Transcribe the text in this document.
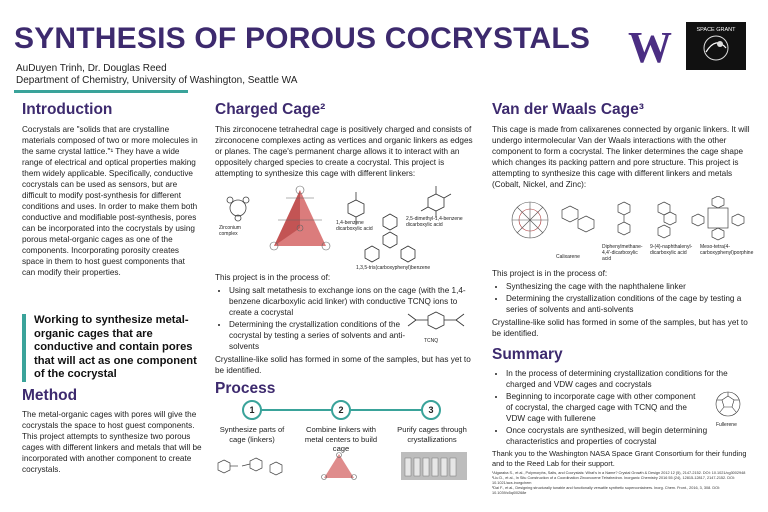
SYNTHESIS OF POROUS COCRYSTALS
AuDuyen Trinh, Dr. Douglas Reed
Department of Chemistry, University of Washington, Seattle WA
W	SPACE GRANT
Introduction

Cocrystals are "solids that are crystalline materials composed of two or more molecules in the same crystal lattice."¹ They have a wide range of electrical and optical properties making them widely applicable. Specifically, conductive cocrystals can be used as sensors, but are difficult to modify post-synthesis for different conditions and uses. In order to make them both conductive and modifiable post-synthesis, pores can be incorporated into the cocrystals by using porous metal-organic cages as one of the components. Incorporating porosity creates space in them to host guest components that can modify their properties.

Working to synthesize metal-organic cages that are conductive and contain pores that will act as one component of the cocrystal
Method

The metal-organic cages with pores will give the cocrystals the space to host guest components. This project attempts to synthesize two porous cages with different linkers and metals that will be incorporated with another component to create cocrystals.

Charged Cage²

This zirconocene tetrahedral cage is positively charged and consists of zirconocene complexes acting as vertices and organic linkers as edges or planes. The cage's permanent charge allows it to interact with an oppositely charged species to create a cocrystal. This project is attempting to synthesize this cage with different linkers:

Zirconium complex
1,4-benzene dicarboxylic acid
2,5-dimethyl-1,4-benzene dicarboxylic acid
1,3,5-tris(carboxyphenyl)benzene

This project is in the process of:

• Using salt metathesis to exchange ions on the cage (with the 1,4-benzene dicarboxylic acid linker) with conductive TCNQ ions to create a cocrystal
• Determining the crystallization conditions of the cocrystal by testing a series of solvents and anti-solvents

Crystalline-like solid has formed in some of the samples, but has yet to be identified.

TCNQ
Process
1	2	3
Synthesize parts of cage (linkers)
Combine linkers with metal centers to build cage
Purify cages through crystallizations
Van der Waals Cage³

This cage is made from calixarenes connected by organic linkers. It will undergo intermolecular Van der Waals interactions with the other component to form a cocrystal. The linker determines the cage shape which changes its packing pattern and pore structure. This project is attempting to synthesize this cage with different linkers and metals (Cobalt, Nickel, and Zinc):

Calixarene
Diphenylmethane-4,4'-dicarboxylic acid
9-(4)-naphthalenyl-dicarboxylic acid
Meso-tetra(4-carboxyphenyl)porphine

This project is in the process of:

• Synthesizing the cage with the naphthalene linker
• Determining the crystallization conditions of the cage by testing a series of solvents and anti-solvents

Crystalline-like solid has formed in some of the samples, but has yet to be identified.

Summary
• In the process of determining crystallization conditions for the charged and VDW cages and cocrystals
• Beginning to incorporate cage with other component of cocrystal, the charged cage with TCNQ and the VDW cage with fullerene
• Once cocrystals are synthesized, will begin determining characteristics and properties of cocrystal
Fullerene
Thank you to the Washington NASA Space Grant Consortium for their funding and to the Reed Lab for their support.
¹Algaraba S., et al., Polymorphs, Salts, and Cocrystals: What's in a Name? Crystal Growth & Design 2012 12 (5), 2147-2152. DOI: 10.1021/cg3002948
²Liu D., et al., In Situ Construction of a Coordination Zirconocene Tetrahedron. Inorganic Chemistry 2016 55 (24), 12815-12817, 2147-2152. DOI: 10.1021/acs.inorgchem
³Dai F., et al., Designing structurally tunable and functionally versatile synthetic supercontainers. Inorg. Chem. Front., 2016, 3, 308. DOI: 10.1039/c5qi00268e
